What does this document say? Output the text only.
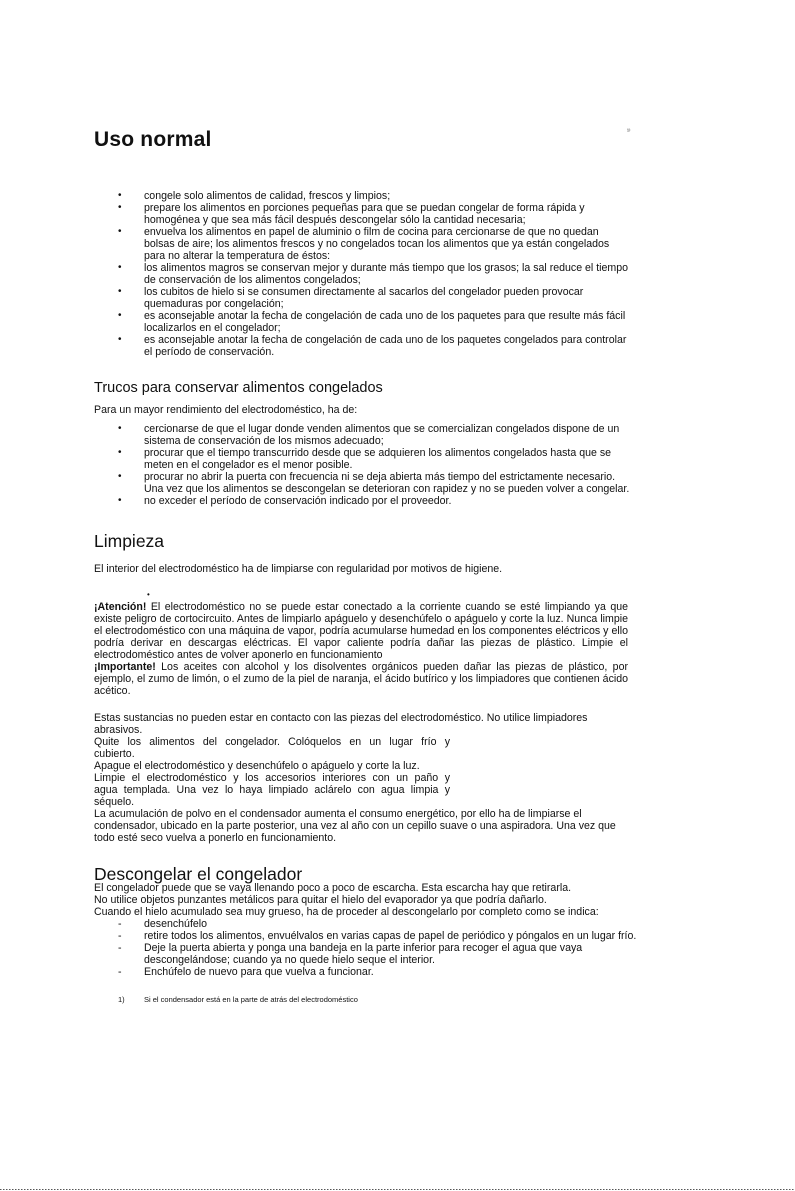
Uso normal	¹⁾
• congele solo alimentos de calidad, frescos y limpios;
• prepare los alimentos en porciones pequeñas para que se puedan congelar de forma rápida y homogénea y que sea más fácil después descongelar sólo la cantidad necesaria;
• envuelva los alimentos en papel de aluminio o film de cocina para cercionarse de que no quedan bolsas de aire; los alimentos frescos y no congelados tocan los alimentos que ya están congelados para no alterar la temperatura de éstos:
• los alimentos magros se conservan mejor y durante más tiempo que los grasos; la sal reduce el tiempo de conservación de los alimentos congelados;
• los cubitos de hielo si se consumen directamente al sacarlos del congelador pueden provocar quemaduras por congelación;
• es aconsejable anotar la fecha de congelación de cada uno de los paquetes para que resulte más fácil localizarlos en el congelador;
• es aconsejable anotar la fecha de congelación de cada uno de los paquetes congelados para controlar el período de conservación.
Trucos para conservar alimentos congelados
Para un mayor rendimiento del electrodoméstico, ha de:
• cercionarse de que el lugar donde venden alimentos que se comercializan congelados dispone de un sistema de conservación de los mismos adecuado;
• procurar que el tiempo transcurrido desde que se adquieren los alimentos congelados hasta que se meten en el congelador es el menor posible.
• procurar no abrir la puerta con frecuencia ni se deja abierta más tiempo del estrictamente necesario. Una vez que los alimentos se descongelan se deterioran con rapidez y no se pueden volver a congelar.
• no exceder el período de conservación indicado por el proveedor.
Limpieza
El interior del electrodoméstico ha de limpiarse con regularidad por motivos de higiene.
•
¡Atención! El electrodoméstico no se puede estar conectado a la corriente cuando se esté limpiando ya que existe peligro de cortocircuito. Antes de limpiarlo apáguelo y desenchúfelo o apáguelo y corte la luz. Nunca limpie el electrodoméstico con una máquina de vapor, podría acumularse humedad en los componentes eléctricos y ello podría derivar en descargas eléctricas. El vapor caliente podría dañar las piezas de plástico. Limpie el electrodoméstico antes de volver aponerlo en funcionamiento
¡Importante! Los aceites con alcohol y los disolventes orgánicos pueden dañar las piezas de plástico, por ejemplo, el zumo de limón, o el zumo de la piel de naranja, el ácido butírico y los limpiadores que contienen ácido acético.
Estas sustancias no pueden estar en contacto con las piezas del electrodoméstico. No utilice limpiadores abrasivos.
Quite los alimentos del congelador. Colóquelos en un lugar frío y
cubierto.
Apague el electrodoméstico y desenchúfelo o apáguelo y corte la luz.
Limpie el electrodoméstico y los accesorios interiores con un paño y
agua templada. Una vez lo haya limpiado aclárelo con agua limpia y
séquelo.
La acumulación de polvo en el condensador aumenta el consumo energético, por ello ha de limpiarse el condensador, ubicado en la parte posterior, una vez al año con un cepillo suave o una aspiradora. Una vez que todo esté seco vuelva a ponerlo en funcionamiento.
Descongelar el congelador
El congelador puede que se vaya llenando poco a poco de escarcha. Esta escarcha hay que retirarla.
No utilice objetos punzantes metálicos para quitar el hielo del evaporador ya que podría dañarlo.
Cuando el hielo acumulado sea muy grueso, ha de proceder al descongelarlo por completo como se indica:
- desenchúfelo
- retire todos los alimentos, envuélvalos en varias capas de papel de periódico y póngalos en un lugar frío.
- Deje la puerta abierta y ponga una bandeja en la parte inferior para recoger el agua que vaya descongelándose; cuando ya no quede hielo seque el interior.
- Enchúfelo de nuevo para que vuelva a funcionar.
1)	Si el condensador está en la parte de atrás del electrodoméstico
